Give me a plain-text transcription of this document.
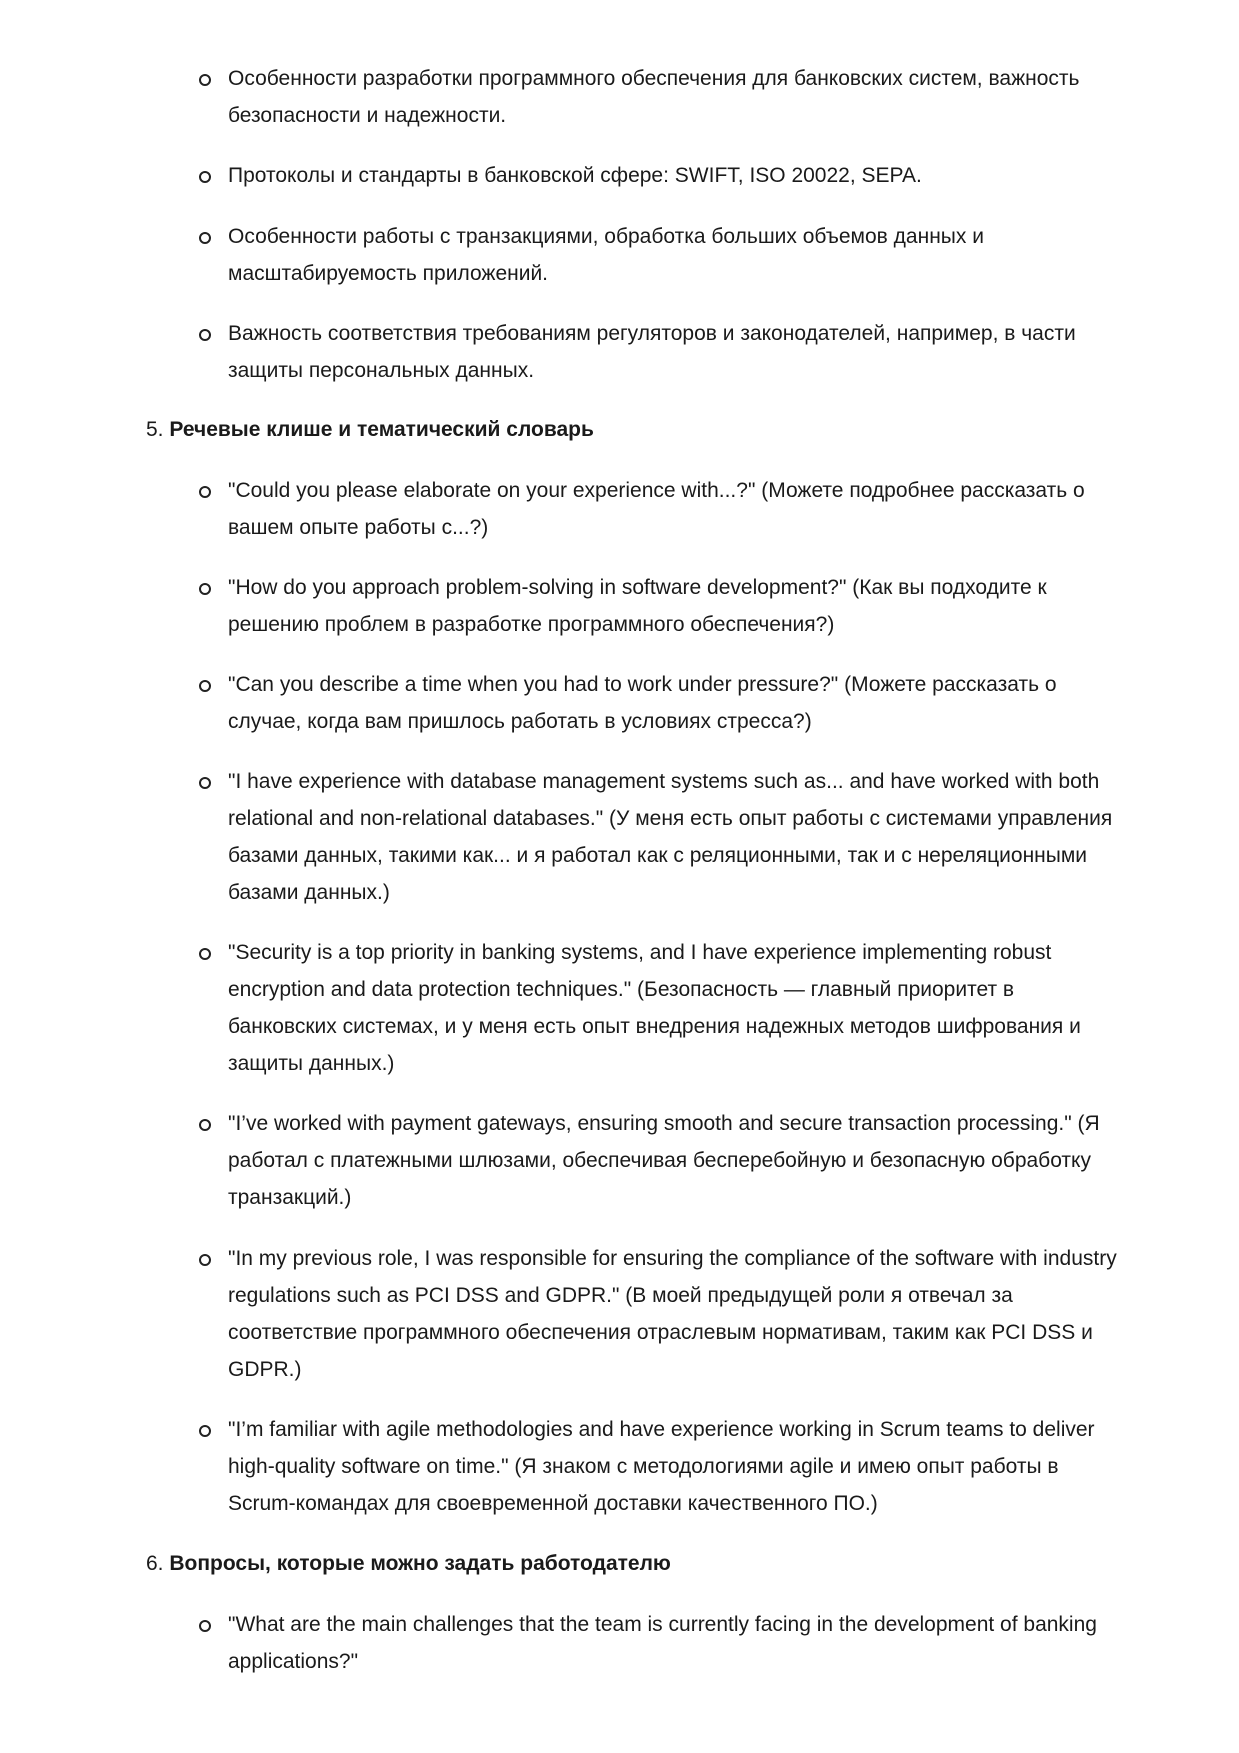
Особенности разработки программного обеспечения для банковских систем, важность безопасности и надежности.
Протоколы и стандарты в банковской сфере: SWIFT, ISO 20022, SEPA.
Особенности работы с транзакциями, обработка больших объемов данных и масштабируемость приложений.
Важность соответствия требованиям регуляторов и законодателей, например, в части защиты персональных данных.
5. Речевые клише и тематический словарь
"Could you please elaborate on your experience with...?" (Можете подробнее рассказать о вашем опыте работы с...?)
"How do you approach problem-solving in software development?" (Как вы подходите к решению проблем в разработке программного обеспечения?)
"Can you describe a time when you had to work under pressure?" (Можете рассказать о случае, когда вам пришлось работать в условиях стресса?)
"I have experience with database management systems such as... and have worked with both relational and non-relational databases." (У меня есть опыт работы с системами управления базами данных, такими как... и я работал как с реляционными, так и с нереляционными базами данных.)
"Security is a top priority in banking systems, and I have experience implementing robust encryption and data protection techniques." (Безопасность — главный приоритет в банковских системах, и у меня есть опыт внедрения надежных методов шифрования и защиты данных.)
"I’ve worked with payment gateways, ensuring smooth and secure transaction processing." (Я работал с платежными шлюзами, обеспечивая бесперебойную и безопасную обработку транзакций.)
"In my previous role, I was responsible for ensuring the compliance of the software with industry regulations such as PCI DSS and GDPR." (В моей предыдущей роли я отвечал за соответствие программного обеспечения отраслевым нормативам, таким как PCI DSS и GDPR.)
"I’m familiar with agile methodologies and have experience working in Scrum teams to deliver high-quality software on time." (Я знаком с методологиями agile и имею опыт работы в Scrum-командах для своевременной доставки качественного ПО.)
6. Вопросы, которые можно задать работодателю
"What are the main challenges that the team is currently facing in the development of banking applications?"
